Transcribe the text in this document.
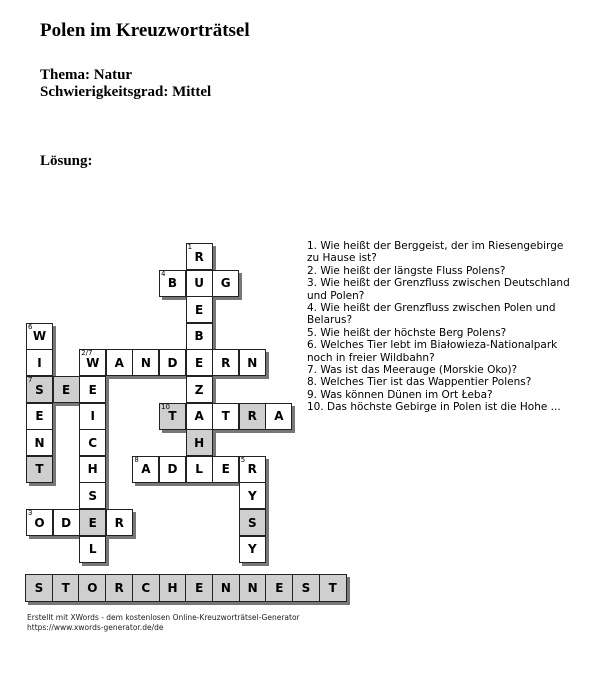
Polen im Kreuzworträtsel
Thema: Natur
Schwierigkeitsgrad: Mittel
Lösung:
1
R
4
B U G
E
6
W	B
I
2/7
W A N D E R N
7
S E E	Z
E	I
10
T A T R A
N	C	H
T	H
8
A D L E
5
R
S	Y
3
O D E R	S
L	Y
S	T	O	R	C	H	E	N	N	E	S	T
1. Wie heißt der Berggeist, der im Riesengebirge zu Hause ist?
2. Wie heißt der längste Fluss Polens?
3. Wie heißt der Grenzfluss zwischen Deutschland und Polen?
4. Wie heißt der Grenzfluss zwischen Polen und Belarus?
5. Wie heißt der höchste Berg Polens?
6. Welches Tier lebt im Białowieza-Nationalpark noch in freier Wildbahn?
7. Was ist das Meerauge (Morskie Oko)?
8. Welches Tier ist das Wappentier Polens?
9. Was können Dünen im Ort Łeba?
10. Das höchste Gebirge in Polen ist die Hohe ...
Erstellt mit XWords - dem kostenlosen Online-Kreuzworträtsel-Generator
https://www.xwords-generator.de/de
